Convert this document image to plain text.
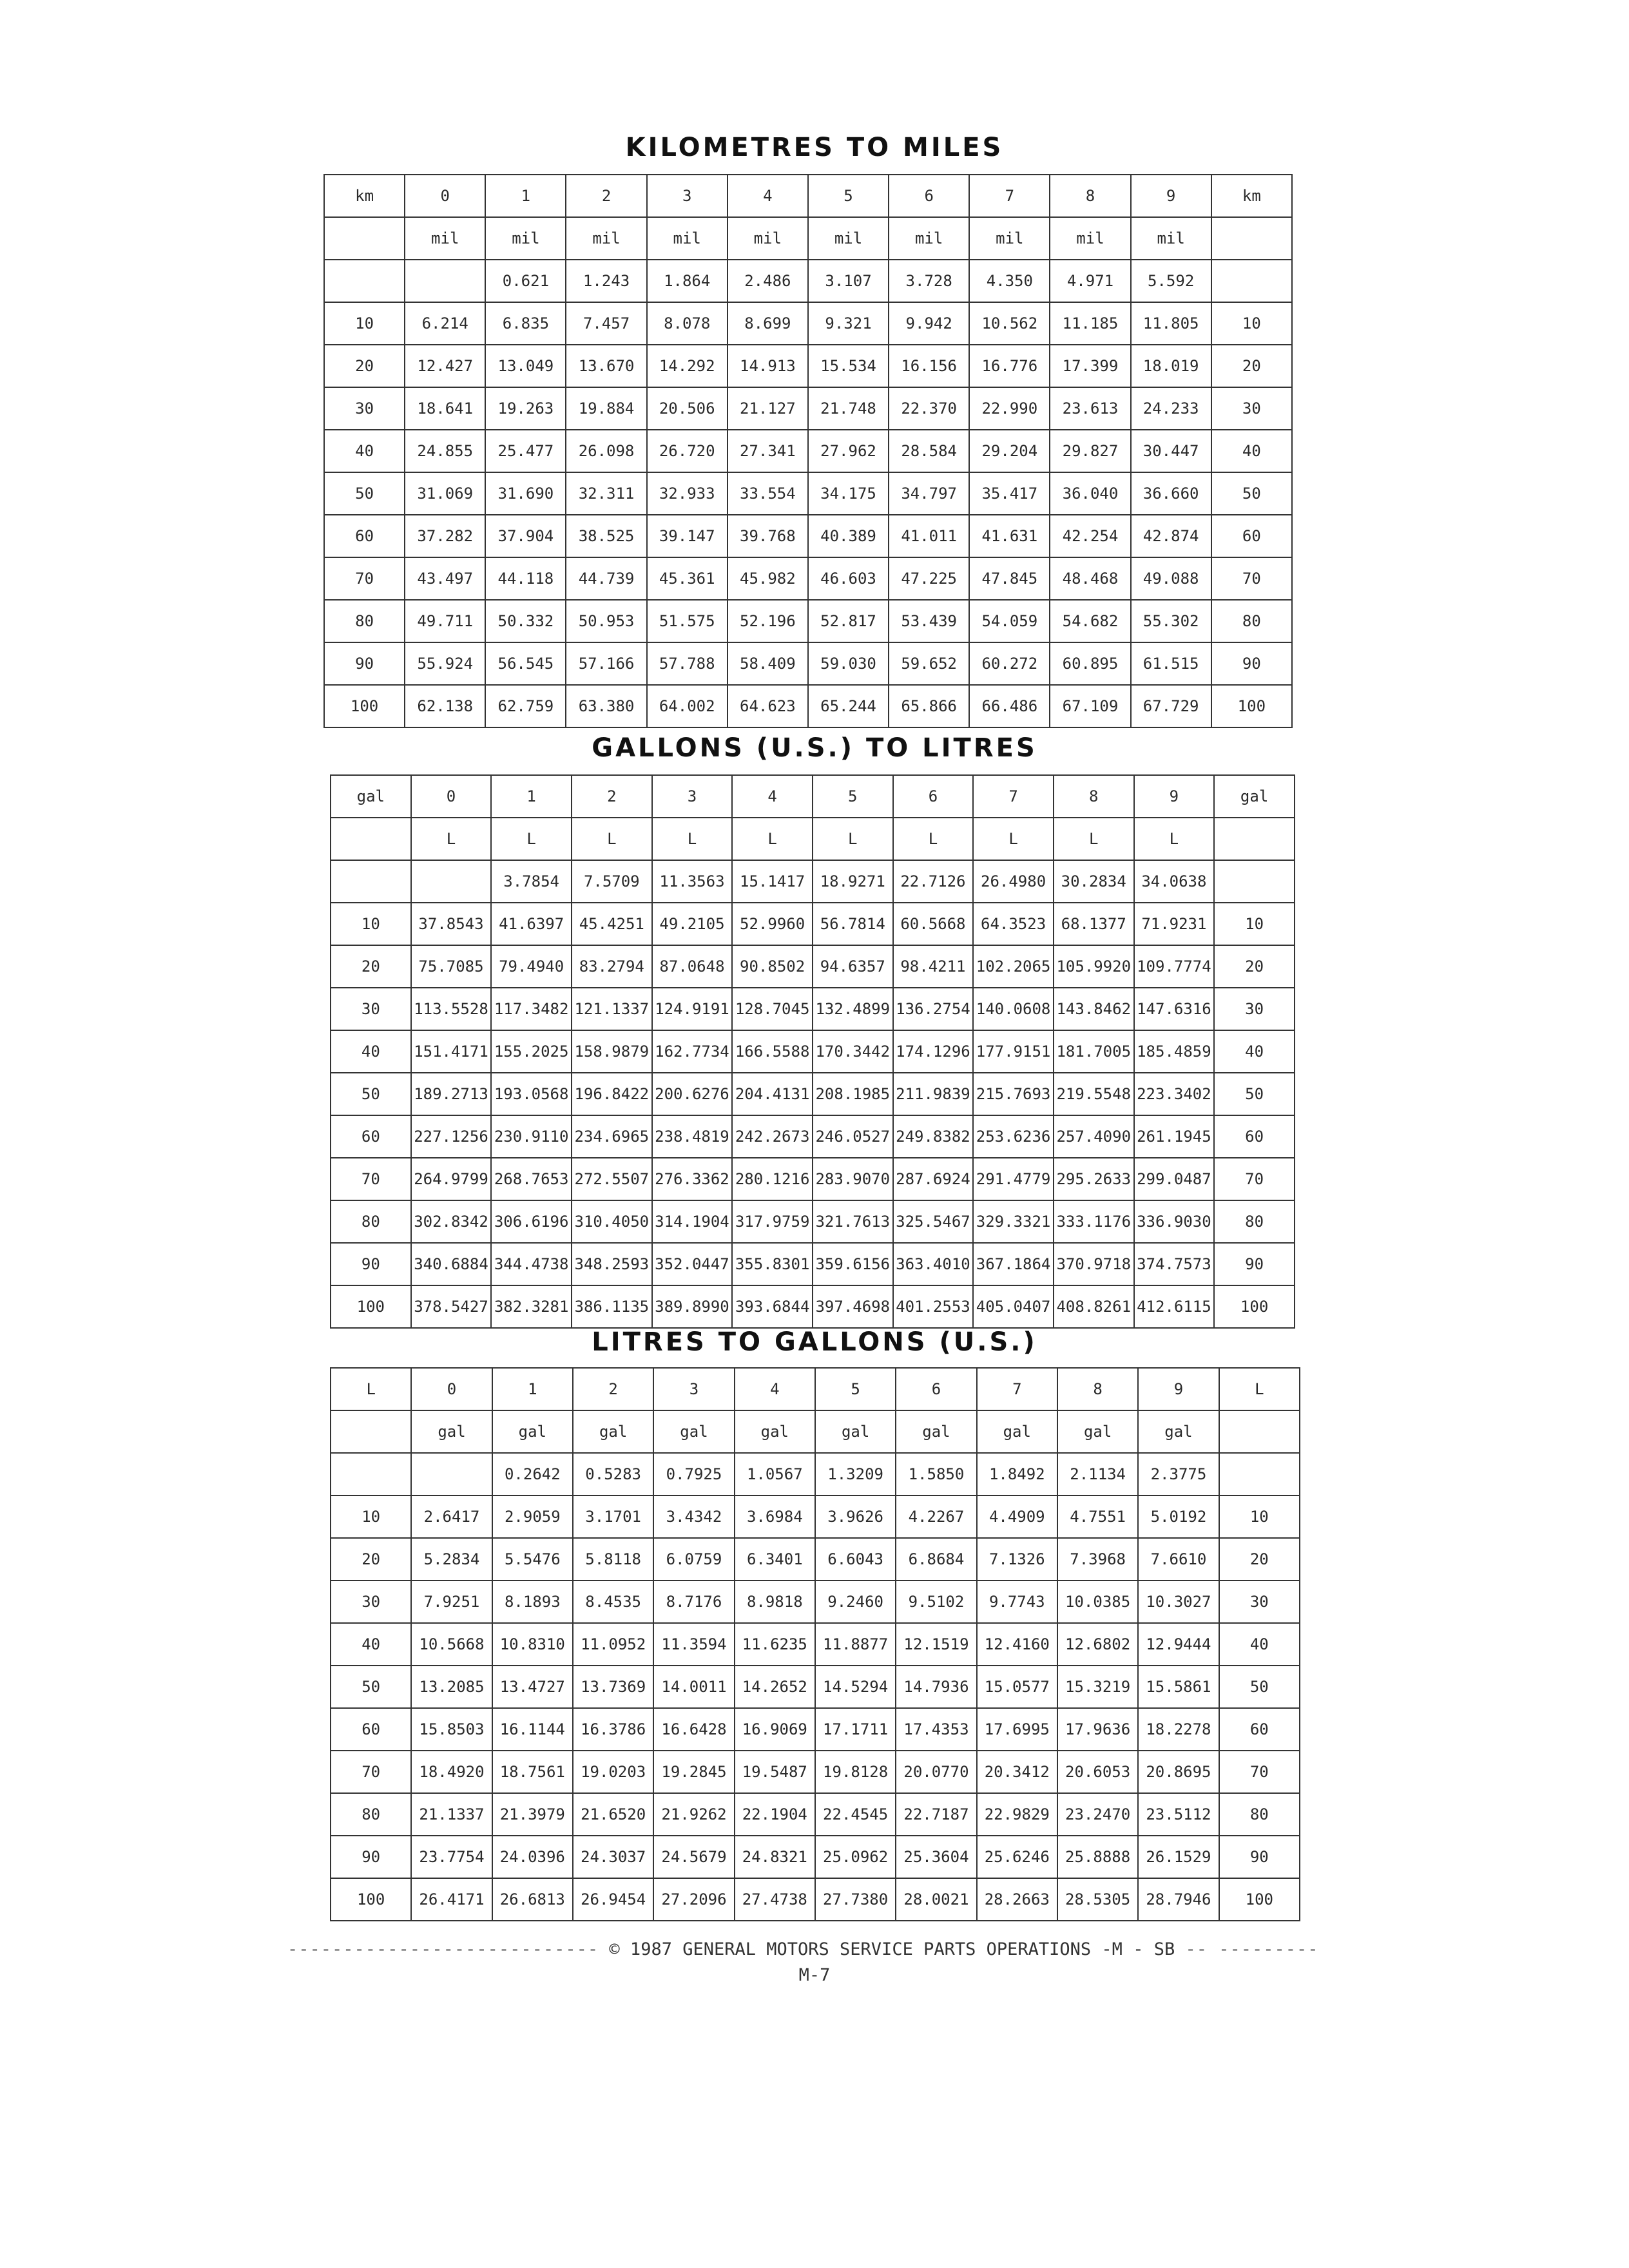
KILOMETRES TO MILES
km	0	1	2	3	4	5	6	7	8	9	km
	mil	mil	mil	mil	mil	mil	mil	mil	mil	mil	
		0.621	1.243	1.864	2.486	3.107	3.728	4.350	4.971	5.592	
10	6.214	6.835	7.457	8.078	8.699	9.321	9.942	10.562	11.185	11.805	10
20	12.427	13.049	13.670	14.292	14.913	15.534	16.156	16.776	17.399	18.019	20
30	18.641	19.263	19.884	20.506	21.127	21.748	22.370	22.990	23.613	24.233	30
40	24.855	25.477	26.098	26.720	27.341	27.962	28.584	29.204	29.827	30.447	40
50	31.069	31.690	32.311	32.933	33.554	34.175	34.797	35.417	36.040	36.660	50
60	37.282	37.904	38.525	39.147	39.768	40.389	41.011	41.631	42.254	42.874	60
70	43.497	44.118	44.739	45.361	45.982	46.603	47.225	47.845	48.468	49.088	70
80	49.711	50.332	50.953	51.575	52.196	52.817	53.439	54.059	54.682	55.302	80
90	55.924	56.545	57.166	57.788	58.409	59.030	59.652	60.272	60.895	61.515	90
100	62.138	62.759	63.380	64.002	64.623	65.244	65.866	66.486	67.109	67.729	100
GALLONS (U.S.) TO LITRES
gal	0	1	2	3	4	5	6	7	8	9	gal
	L	L	L	L	L	L	L	L	L	L	
		3.7854	7.5709	11.3563	15.1417	18.9271	22.7126	26.4980	30.2834	34.0638	
10	37.8543	41.6397	45.4251	49.2105	52.9960	56.7814	60.5668	64.3523	68.1377	71.9231	10
20	75.7085	79.4940	83.2794	87.0648	90.8502	94.6357	98.4211	102.2065	105.9920	109.7774	20
30	113.5528	117.3482	121.1337	124.9191	128.7045	132.4899	136.2754	140.0608	143.8462	147.6316	30
40	151.4171	155.2025	158.9879	162.7734	166.5588	170.3442	174.1296	177.9151	181.7005	185.4859	40
50	189.2713	193.0568	196.8422	200.6276	204.4131	208.1985	211.9839	215.7693	219.5548	223.3402	50
60	227.1256	230.9110	234.6965	238.4819	242.2673	246.0527	249.8382	253.6236	257.4090	261.1945	60
70	264.9799	268.7653	272.5507	276.3362	280.1216	283.9070	287.6924	291.4779	295.2633	299.0487	70
80	302.8342	306.6196	310.4050	314.1904	317.9759	321.7613	325.5467	329.3321	333.1176	336.9030	80
90	340.6884	344.4738	348.2593	352.0447	355.8301	359.6156	363.4010	367.1864	370.9718	374.7573	90
100	378.5427	382.3281	386.1135	389.8990	393.6844	397.4698	401.2553	405.0407	408.8261	412.6115	100
LITRES TO GALLONS (U.S.)
L	0	1	2	3	4	5	6	7	8	9	L
	gal	gal	gal	gal	gal	gal	gal	gal	gal	gal	
		0.2642	0.5283	0.7925	1.0567	1.3209	1.5850	1.8492	2.1134	2.3775	
10	2.6417	2.9059	3.1701	3.4342	3.6984	3.9626	4.2267	4.4909	4.7551	5.0192	10
20	5.2834	5.5476	5.8118	6.0759	6.3401	6.6043	6.8684	7.1326	7.3968	7.6610	20
30	7.9251	8.1893	8.4535	8.7176	8.9818	9.2460	9.5102	9.7743	10.0385	10.3027	30
40	10.5668	10.8310	11.0952	11.3594	11.6235	11.8877	12.1519	12.4160	12.6802	12.9444	40
50	13.2085	13.4727	13.7369	14.0011	14.2652	14.5294	14.7936	15.0577	15.3219	15.5861	50
60	15.8503	16.1144	16.3786	16.6428	16.9069	17.1711	17.4353	17.6995	17.9636	18.2278	60
70	18.4920	18.7561	19.0203	19.2845	19.5487	19.8128	20.0770	20.3412	20.6053	20.8695	70
80	21.1337	21.3979	21.6520	21.9262	22.1904	22.4545	22.7187	22.9829	23.2470	23.5112	80
90	23.7754	24.0396	24.3037	24.5679	24.8321	25.0962	25.3604	25.6246	25.8888	26.1529	90
100	26.4171	26.6813	26.9454	27.2096	27.4738	27.7380	28.0021	28.2663	28.5305	28.7946	100
---------------------------- © 1987 GENERAL MOTORS SERVICE PARTS OPERATIONS -M - SB -- ---------
M-7
